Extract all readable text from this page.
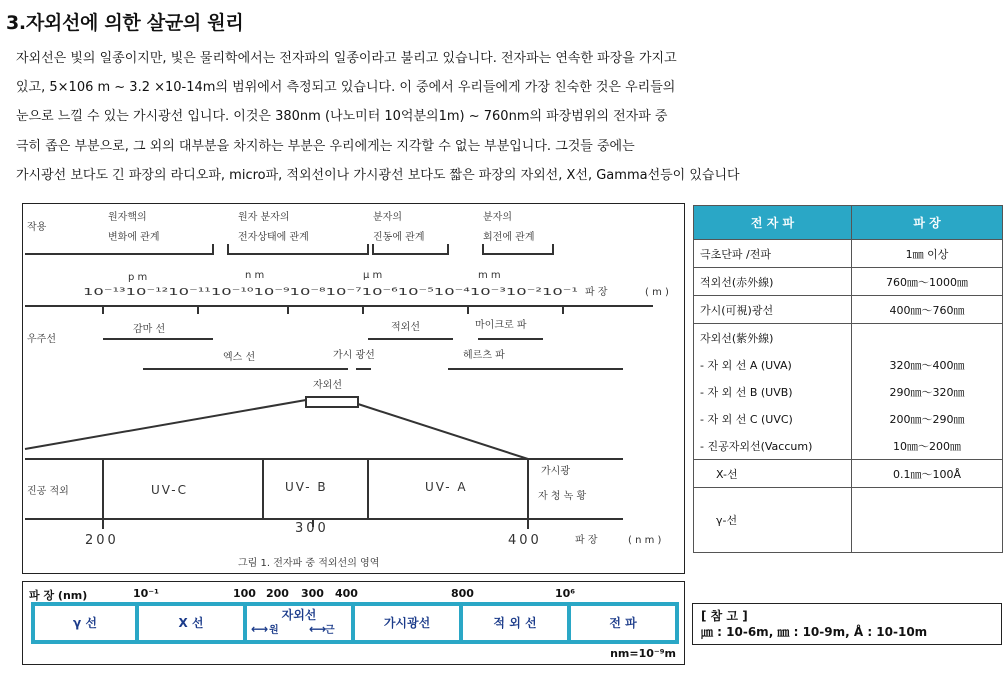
3.자외선에 의한 살균의 원리
자외선은 빛의 일종이지만, 빛은 물리학에서는 전자파의 일종이라고 불리고 있습니다. 전자파는 연속한 파장을 가지고
있고, 5×106 m ~ 3.2 ×10-14m의 범위에서 측정되고 있습니다. 이 중에서 우리들에게 가장 친숙한 것은 우리들의
눈으로 느낄 수 있는 가시광선 입니다. 이것은 380nm (나노미터 10억분의1m) ~ 760nm의 파장범위의 전자파 중
극히 좁은 부분으로, 그 외의 대부분을 차지하는 부분은 우리에게는 지각할 수 없는 부분입니다. 그것들 중에는
가시광선 보다도 긴 파장의 라디오파, micro파, 적외선이나 가시광선 보다도 짧은 파장의 자외선, X선, Gamma선등이 있습니다
작용
원자핵의
변화에 관계
원자 분자의
전자상태에 관계
분자의
진동에 관계
분자의
회전에 관계
p m	n m	μ m	m m
10⁻¹³10⁻¹²10⁻¹¹10⁻¹⁰10⁻⁹10⁻⁸10⁻⁷10⁻⁶10⁻⁵10⁻⁴10⁻³10⁻²10⁻¹ 파 장	( m )
우주선
감마 선	적외선	마이크로 파
엑스 선	가시 광선	헤르츠 파
자외선
진공 적외	UV-C	UV- B	UV- A
가시광
자 청 녹 황
200
300
400	파 장	( n m )
그림 1. 전자파 중 적외선의 영역
전 자 파	파 장
극초단파 /전파	1㎜ 이상
적외선(赤外線)	760㎚～1000㎚
가시(可視)광선	400㎚～760㎚
자외선(紫外線)	
- 자 외 선 A (UVA)	320㎚～400㎚
- 자 외 선 B (UVB)	290㎚～320㎚
- 자 외 선 C (UVC)	200㎚～290㎚
- 진공자외선(Vaccum)	10㎚～200㎚
X-선	0.1㎚～100Å
γ-선	
파 장 (nm)	10⁻¹	100 200 300 400	800	10⁶
γ 선	X 선
자외선
⟷ 원	⟷
근
가시광선	적 외 선	전 파
nm=10⁻⁹m
[ 참 고 ]
㎛ : 10-6m, ㎚ : 10-9m, Å : 10-10m
